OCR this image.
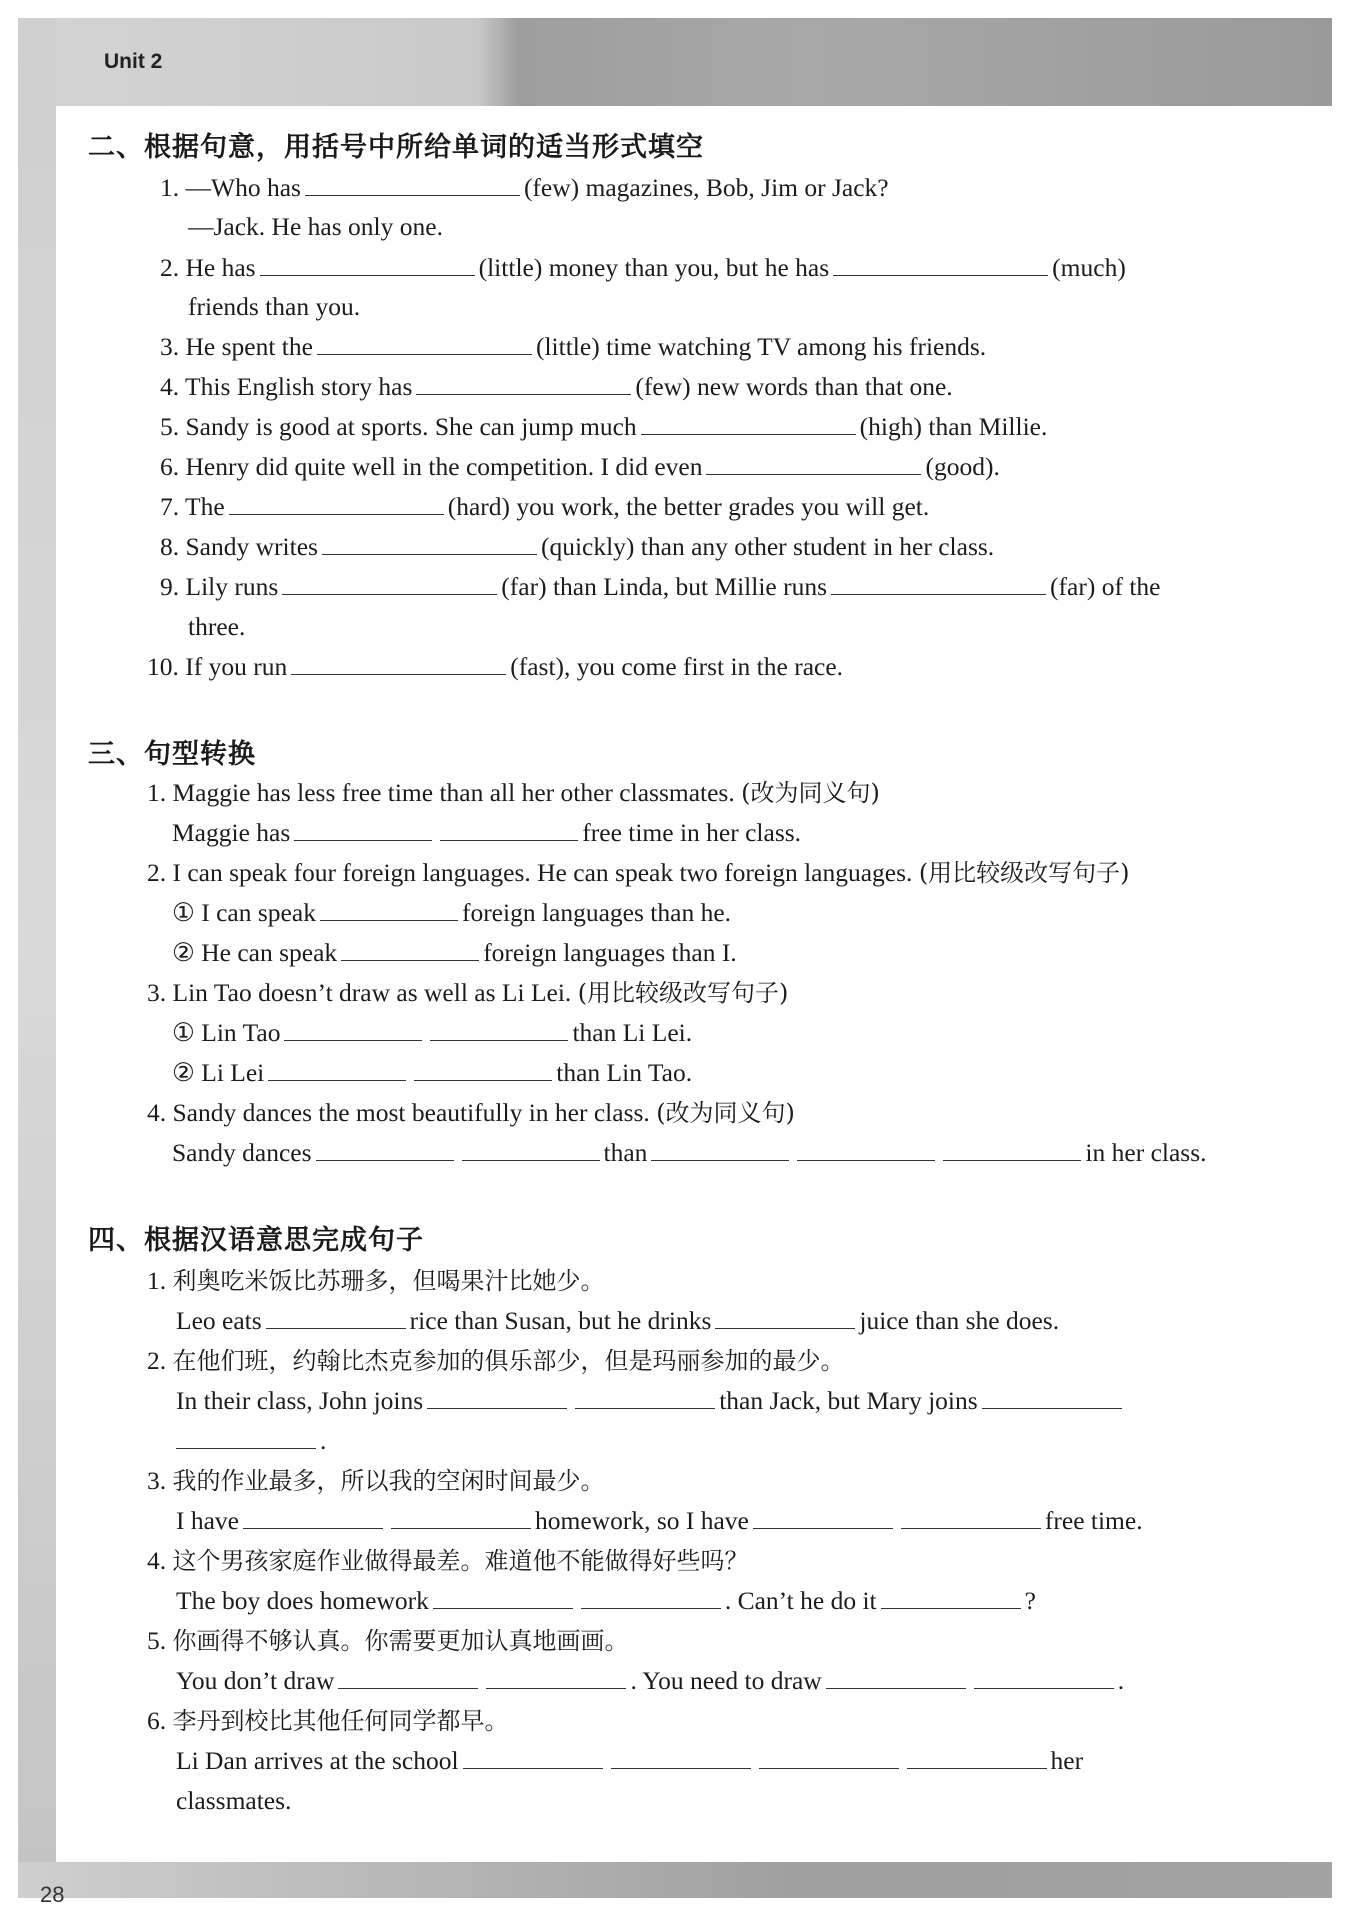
Unit 2
28
二、根据句意，用括号中所给单词的适当形式填空
1. —Who has	(few) magazines, Bob, Jim or Jack?
—Jack. He has only one.
2. He has	(little) money than you, but he has	(much)
friends than you.
3. He spent the	(little) time watching TV among his friends.
4. This English story has	(few) new words than that one.
5. Sandy is good at sports. She can jump much	(high) than Millie.
6. Henry did quite well in the competition. I did even	(good).
7. The	(hard) you work, the better grades you will get.
8. Sandy writes	(quickly) than any other student in her class.
9. Lily runs	(far) than Linda, but Millie runs	(far) of the
three.
10. If you run	(fast), you come first in the race.
三、句型转换
1. Maggie has less free time than all her other classmates. (改为同义句)
Maggie has	free time in her class.
2. I can speak four foreign languages. He can speak two foreign languages. (用比较级改写句子)
① I can speak	foreign languages than he.
② He can speak	foreign languages than I.
3. Lin Tao doesn’t draw as well as Li Lei. (用比较级改写句子)
① Lin Tao	than Li Lei.
② Li Lei	than Lin Tao.
4. Sandy dances the most beautifully in her class. (改为同义句)
Sandy dances	than	in her class.
四、根据汉语意思完成句子
1. 利奥吃米饭比苏珊多，但喝果汁比她少。
Leo eats	rice than Susan, but he drinks	juice than she does.
2. 在他们班，约翰比杰克参加的俱乐部少，但是玛丽参加的最少。
In their class, John joins	than Jack, but Mary joins
.
3. 我的作业最多，所以我的空闲时间最少。
I have	homework, so I have	free time.
4. 这个男孩家庭作业做得最差。难道他不能做得好些吗？
The boy does homework	. Can’t he do it	?
5. 你画得不够认真。你需要更加认真地画画。
You don’t draw	. You need to draw	.
6. 李丹到校比其他任何同学都早。
Li Dan arrives at the school	her
classmates.
